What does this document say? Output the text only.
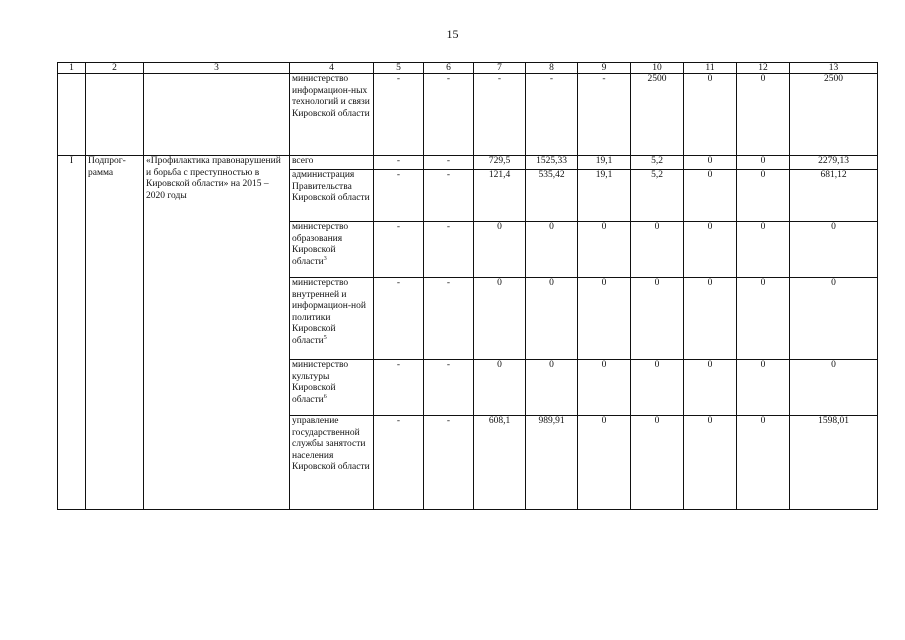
15
1	2	3	4	5	6	7	8	9	10	11	12	13
			министерство информацион-ных технологий и связи Кировской области	-	-	-	-	-	2500	0	0	2500
I	Подпрог-рамма	«Профилактика правонарушений и борьба с преступностью в Кировской области» на 2015 – 2020 годы	всего	-	-	729,5	1525,33	19,1	5,2	0	0	2279,13
			администрация Правительства Кировской области	-	-	121,4	535,42	19,1	5,2	0	0	681,12
			министерство образования Кировской области$^3$	-	-	0	0	0	0	0	0	0
			министерство внутренней и информацион-ной политики Кировской области$^5$	-	-	0	0	0	0	0	0	0
			министерство культуры Кировской области$^6$	-	-	0	0	0	0	0	0	0
			управление государственной службы занятости населения Кировской области	-	-	608,1	989,91	0	0	0	0	1598,01
